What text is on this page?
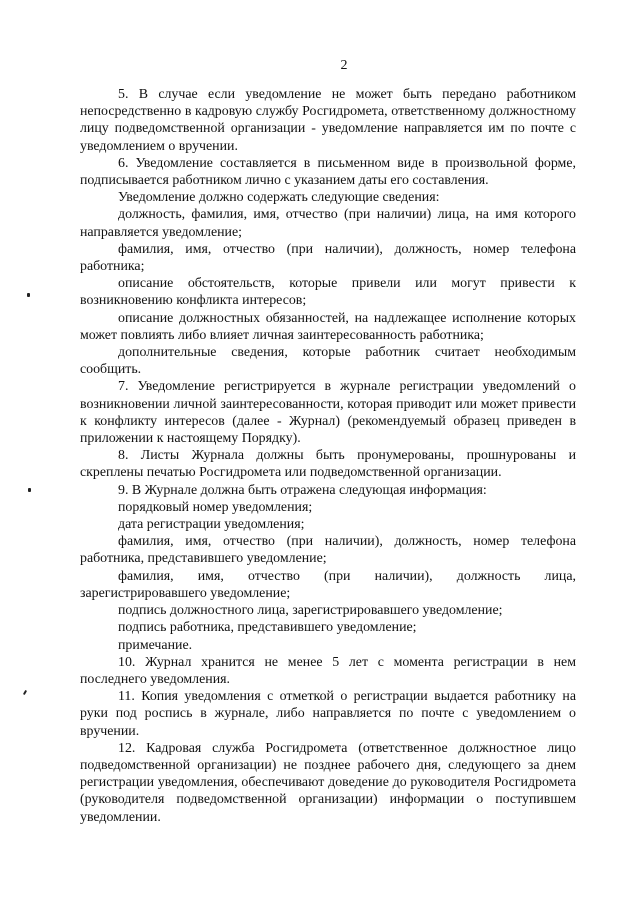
2

5. В случае если уведомление не может быть передано работником непосредственно в кадровую службу Росгидромета, ответственному должностному лицу подведомственной организации - уведомление направляется им по почте с уведомлением о вручении.

6. Уведомление составляется в письменном виде в произвольной форме, подписывается работником лично с указанием даты его составления.

Уведомление должно содержать следующие сведения:

должность, фамилия, имя, отчество (при наличии) лица, на имя которого направляется уведомление;

фамилия, имя, отчество (при наличии), должность, номер телефона работника;

описание обстоятельств, которые привели или могут привести к возникновению конфликта интересов;

описание должностных обязанностей, на надлежащее исполнение которых может повлиять либо влияет личная заинтересованность работника;

дополнительные сведения, которые работник считает необходимым сообщить.

7. Уведомление регистрируется в журнале регистрации уведомлений о возникновении личной заинтересованности, которая приводит или может привести к конфликту интересов (далее - Журнал) (рекомендуемый образец приведен в приложении к настоящему Порядку).

8. Листы Журнала должны быть пронумерованы, прошнурованы и скреплены печатью Росгидромета или подведомственной организации.

9. В Журнале должна быть отражена следующая информация:

порядковый номер уведомления;

дата регистрации уведомления;

фамилия, имя, отчество (при наличии), должность, номер телефона работника, представившего уведомление;

фамилия, имя, отчество (при наличии), должность лица, зарегистрировавшего уведомление;

подпись должностного лица, зарегистрировавшего уведомление;

подпись работника, представившего уведомление;

примечание.

10. Журнал хранится не менее 5 лет с момента регистрации в нем последнего уведомления.

11. Копия уведомления с отметкой о регистрации выдается работнику на руки под роспись в журнале, либо направляется по почте с уведомлением о вручении.

12. Кадровая служба Росгидромета (ответственное должностное лицо подведомственной организации) не позднее рабочего дня, следующего за днем регистрации уведомления, обеспечивают доведение до руководителя Росгидромета (руководителя подведомственной организации) информации о поступившем уведомлении.
